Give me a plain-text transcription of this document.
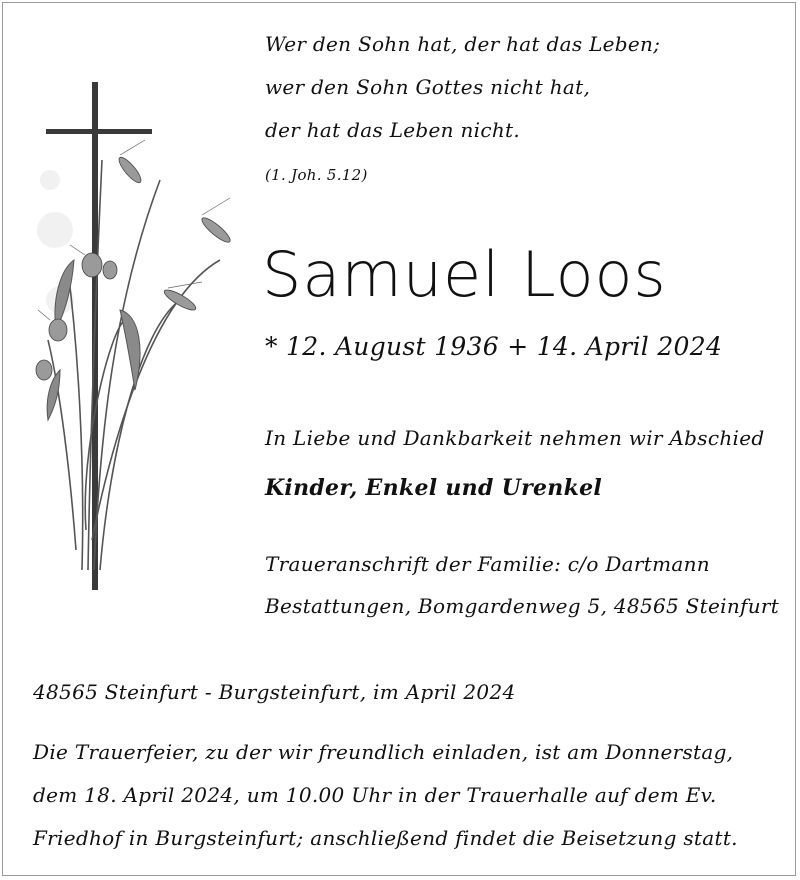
Wer den Sohn hat, der hat das Leben;
wer den Sohn Gottes nicht hat,
der hat das Leben nicht.
(1. Joh. 5.12)
Samuel Loos
* 12. August 1936 + 14. April 2024
In Liebe und Dankbarkeit nehmen wir Abschied
Kinder, Enkel und Urenkel
Traueranschrift der Familie: c/o Dartmann
Bestattungen, Bomgardenweg 5, 48565 Steinfurt
48565 Steinfurt - Burgsteinfurt, im April 2024
Die Trauerfeier, zu der wir freundlich einladen, ist am Donnerstag,
dem 18. April 2024, um 10.00 Uhr in der Trauerhalle auf dem Ev.
Friedhof in Burgsteinfurt; anschließend findet die Beisetzung statt.
